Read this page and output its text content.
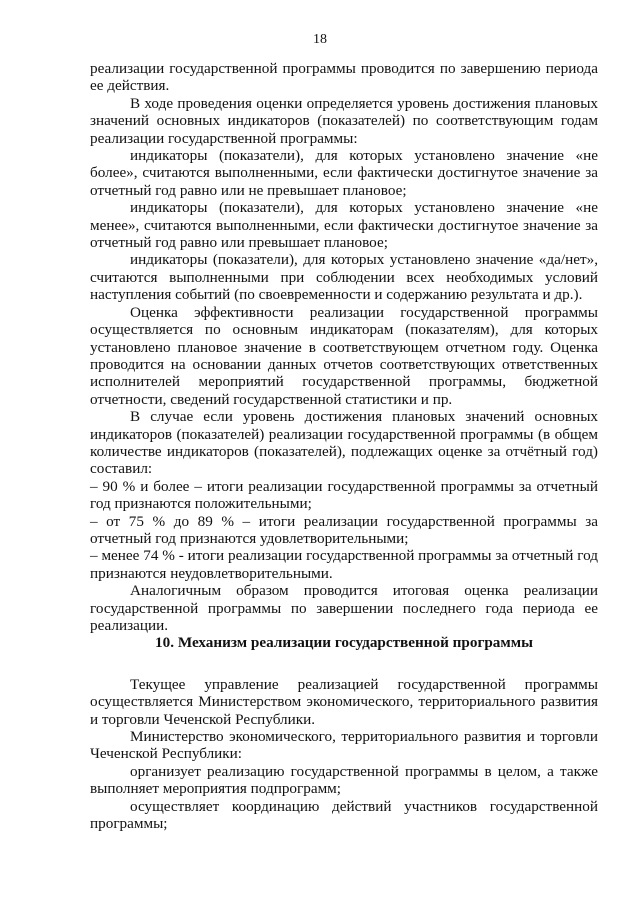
18

реализации государственной программы проводится по завершению периода ее действия.

В ходе проведения оценки определяется уровень достижения плановых значений основных индикаторов (показателей) по соответствующим годам реализации государственной программы:

индикаторы (показатели), для которых установлено значение «не более», считаются выполненными, если фактически достигнутое значение за отчетный год равно или не превышает плановое;

индикаторы (показатели), для которых установлено значение «не менее», считаются выполненными, если фактически достигнутое значение за отчетный год равно или превышает плановое;

индикаторы (показатели), для которых установлено значение «да/нет», считаются выполненными при соблюдении всех необходимых условий наступления событий (по своевременности и содержанию результата и др.).

Оценка эффективности реализации государственной программы осуществляется по основным индикаторам (показателям), для которых установлено плановое значение в соответствующем отчетном году. Оценка проводится на основании данных отчетов соответствующих ответственных исполнителей мероприятий государственной программы, бюджетной отчетности, сведений государственной статистики и пр.

В случае если уровень достижения плановых значений основных индикаторов (показателей) реализации государственной программы (в общем количестве индикаторов (показателей), подлежащих оценке за отчётный год) составил:

– 90 % и более – итоги реализации государственной программы за отчетный год признаются положительными;

– от 75 % до 89 % – итоги реализации государственной программы за отчетный год признаются удовлетворительными;

– менее 74 % - итоги реализации государственной программы за отчетный год признаются неудовлетворительными.

Аналогичным образом проводится итоговая оценка реализации государственной программы по завершении последнего года периода ее реализации.

10. Механизм реализации государственной программы

Текущее управление реализацией государственной программы осуществляется Министерством экономического, территориального развития и торговли Чеченской Республики.

Министерство экономического, территориального развития и торговли Чеченской Республики:

организует реализацию государственной программы в целом, а также выполняет мероприятия подпрограмм;

осуществляет координацию действий участников государственной программы;
